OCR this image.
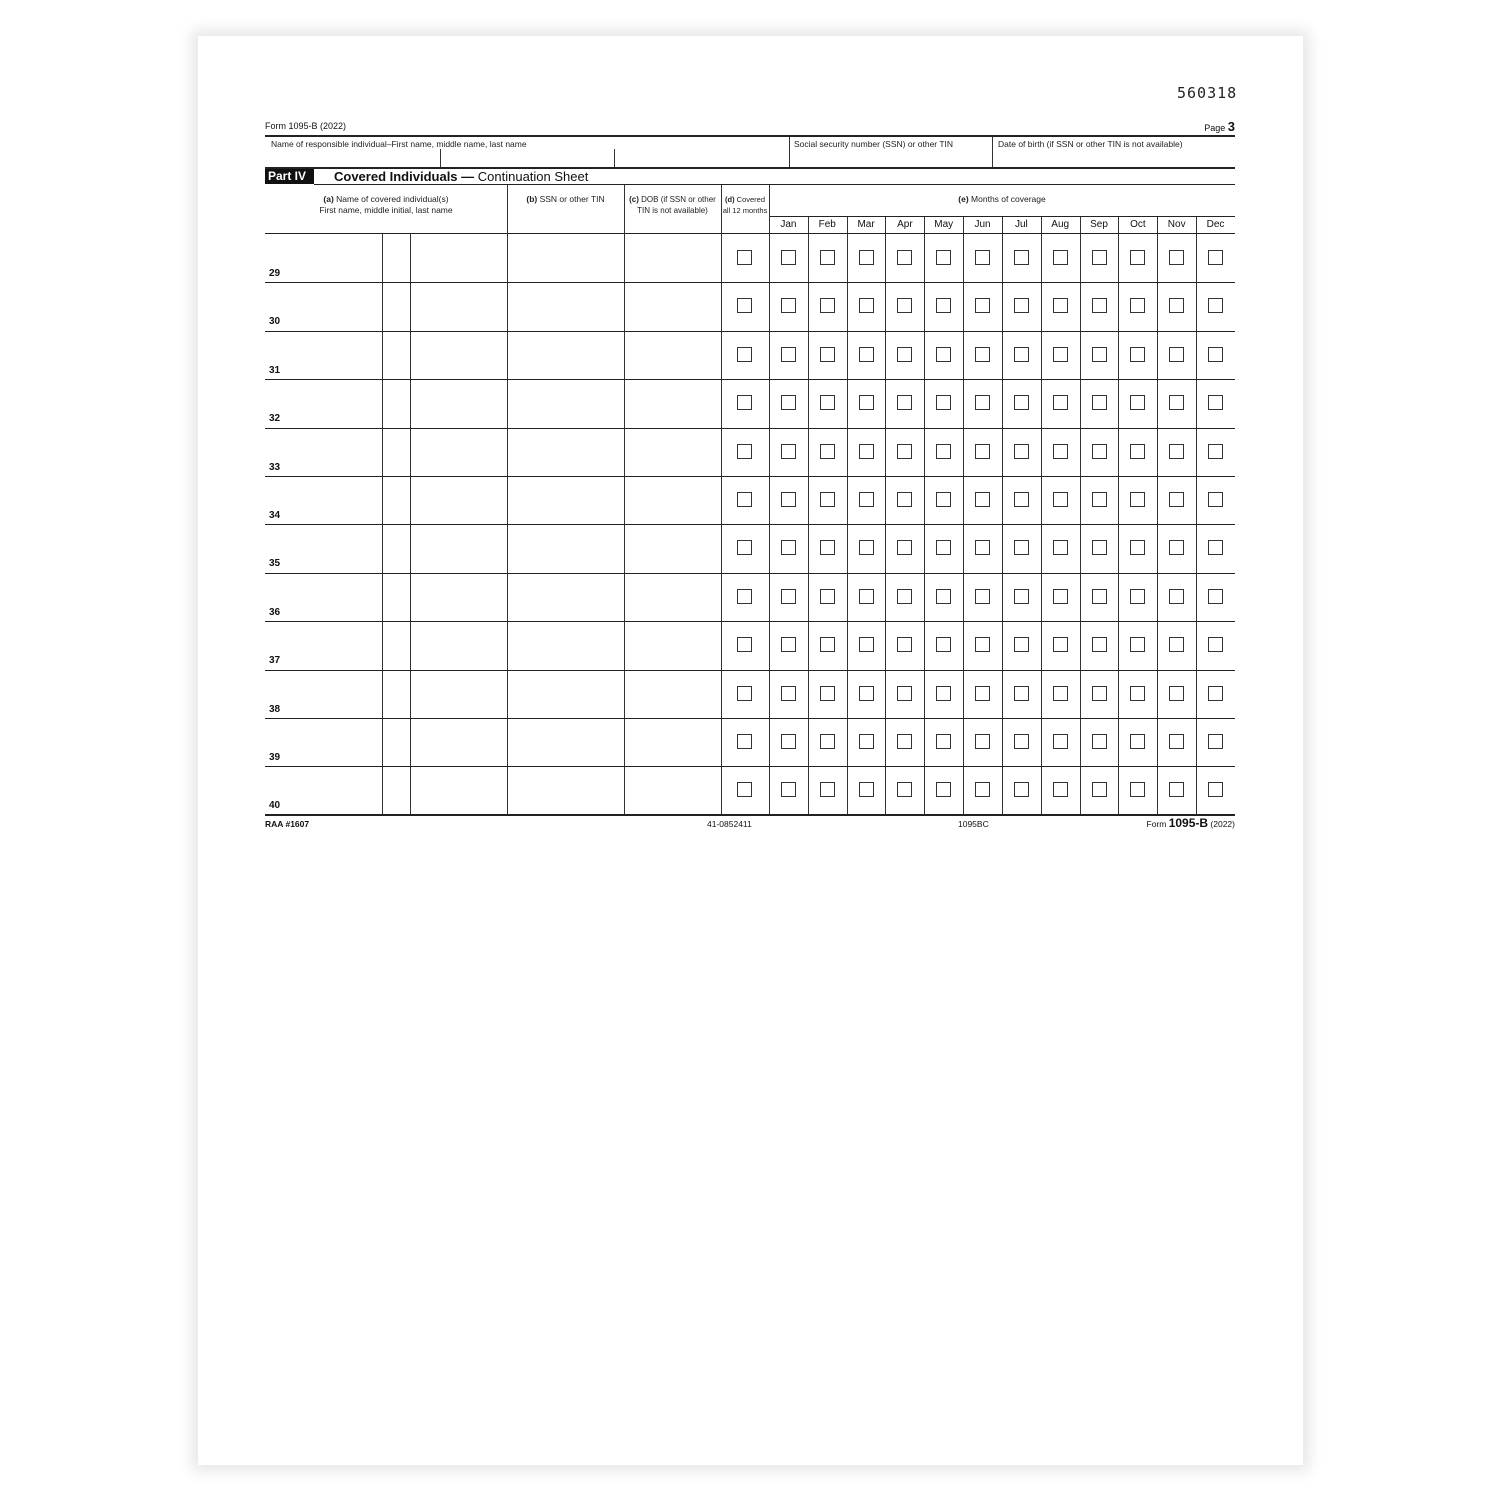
560318
Form 1095-B (2022)	Page 3
Name of responsible individual–First name, middle name, last name	Social security number (SSN) or other TIN	Date of birth (if SSN or other TIN is not available)
Part IV	Covered Individuals — Continuation Sheet
(a) Name of covered individual(s)
First name, middle initial, last name
(b) SSN or other TIN	(c) DOB (if SSN or other
TIN is not available)
(d) Covered
all 12 months
(e) Months of coverage
Jan	Feb	Mar	Apr	May	Jun	Jul	Aug	Sep	Oct	Nov	Dec
29
30
31
32
33
34
35
36
37
38
39
40
RAA #1607	41-0852411	1095BC	Form 1095-B (2022)
